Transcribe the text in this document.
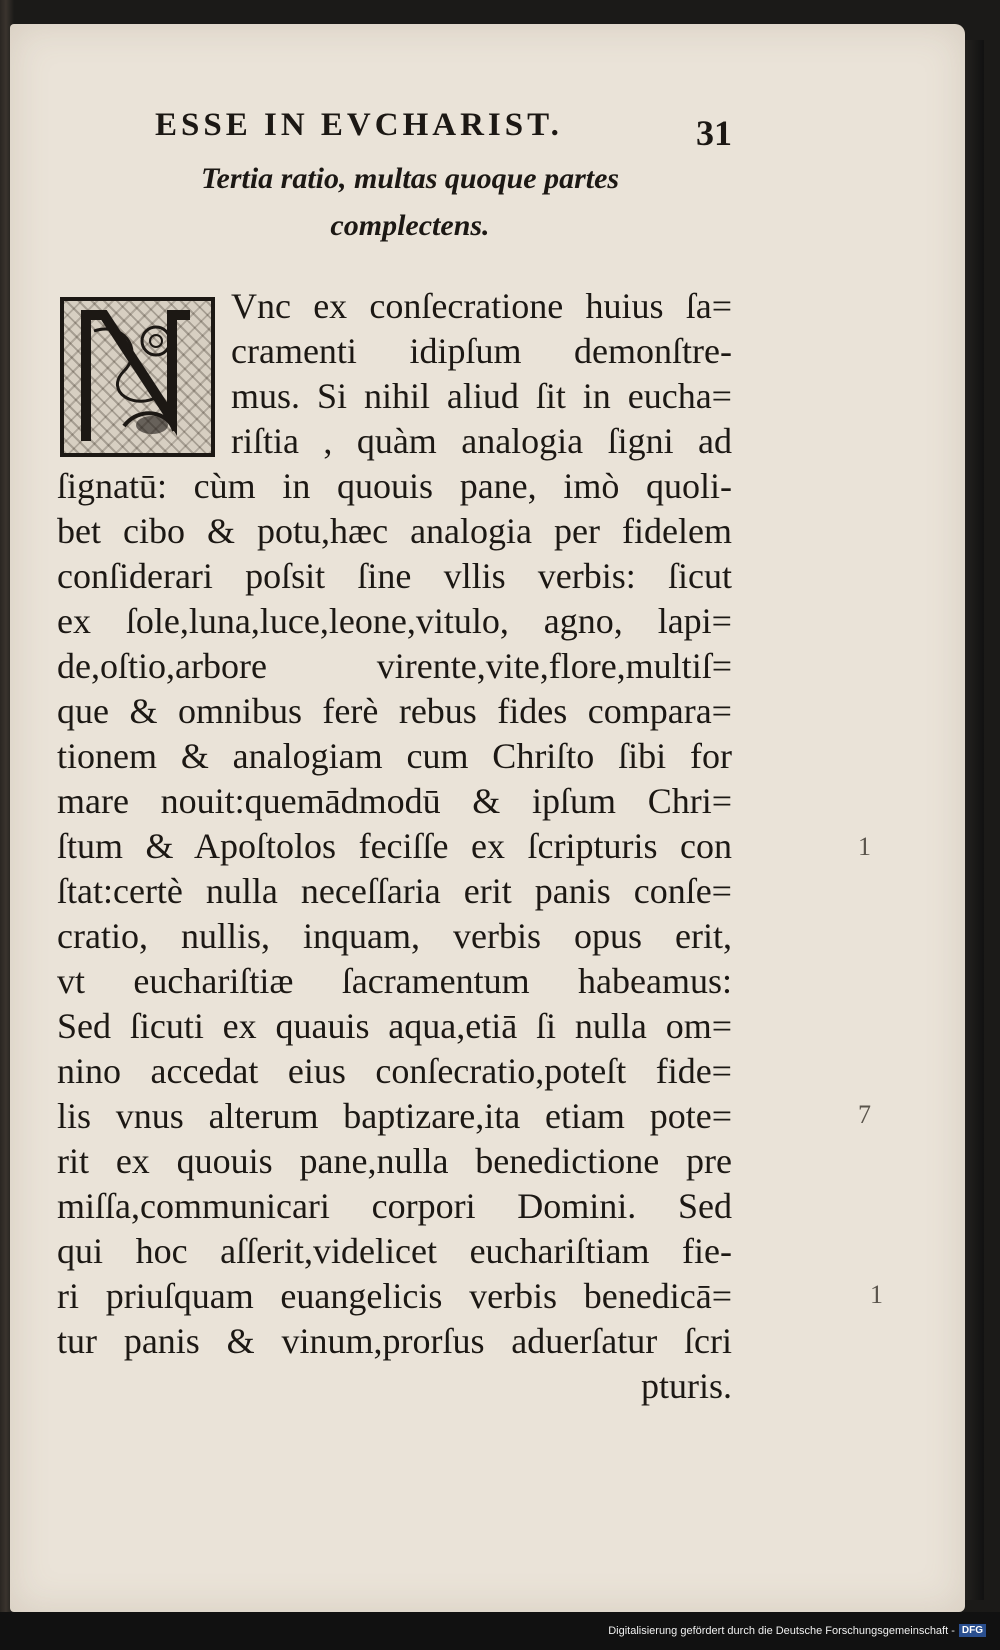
ESSE IN EVCHARIST.	31
Tertia ratio, multas quoque partes
complectens.
Vnc ex conſecratione huius ſa=
cramenti idipſum demonſtre-
mus. Si nihil aliud ſit in eucha=
riſtia , quàm analogia ſigni ad
ſignatū: cùm in quouis pane, imò quoli-
bet cibo & potu,hæc analogia per fidelem
conſiderari poſsit ſine vllis verbis: ſicut
ex ſole,luna,luce,leone,vitulo, agno, lapi=
de,oſtio,arbore virente,vite,flore,multiſ=
que & omnibus ferè rebus fides compara=
tionem & analogiam cum Chriſto ſibi for
mare nouit:quemādmodū & ipſum Chri=
ſtum & Apoſtolos feciſſe ex ſcripturis con
ſtat:certè nulla neceſſaria erit panis conſe=
cratio, nullis, inquam, verbis opus erit,
vt euchariſtiæ ſacramentum habeamus:
Sed ſicuti ex quauis aqua,etiā ſi nulla om=
nino accedat eius conſecratio,poteſt fide=
lis vnus alterum baptizare,ita etiam pote=
rit ex quouis pane,nulla benedictione pre
miſſa,communicari corpori Domini. Sed
qui hoc aſſerit,videlicet euchariſtiam fie-
ri priuſquam euangelicis verbis benedicā=
tur panis & vinum,prorſus aduerſatur ſcri
pturis.
1
7
1
Digitalisierung gefördert durch die Deutsche Forschungsgemeinschaft - DFG
